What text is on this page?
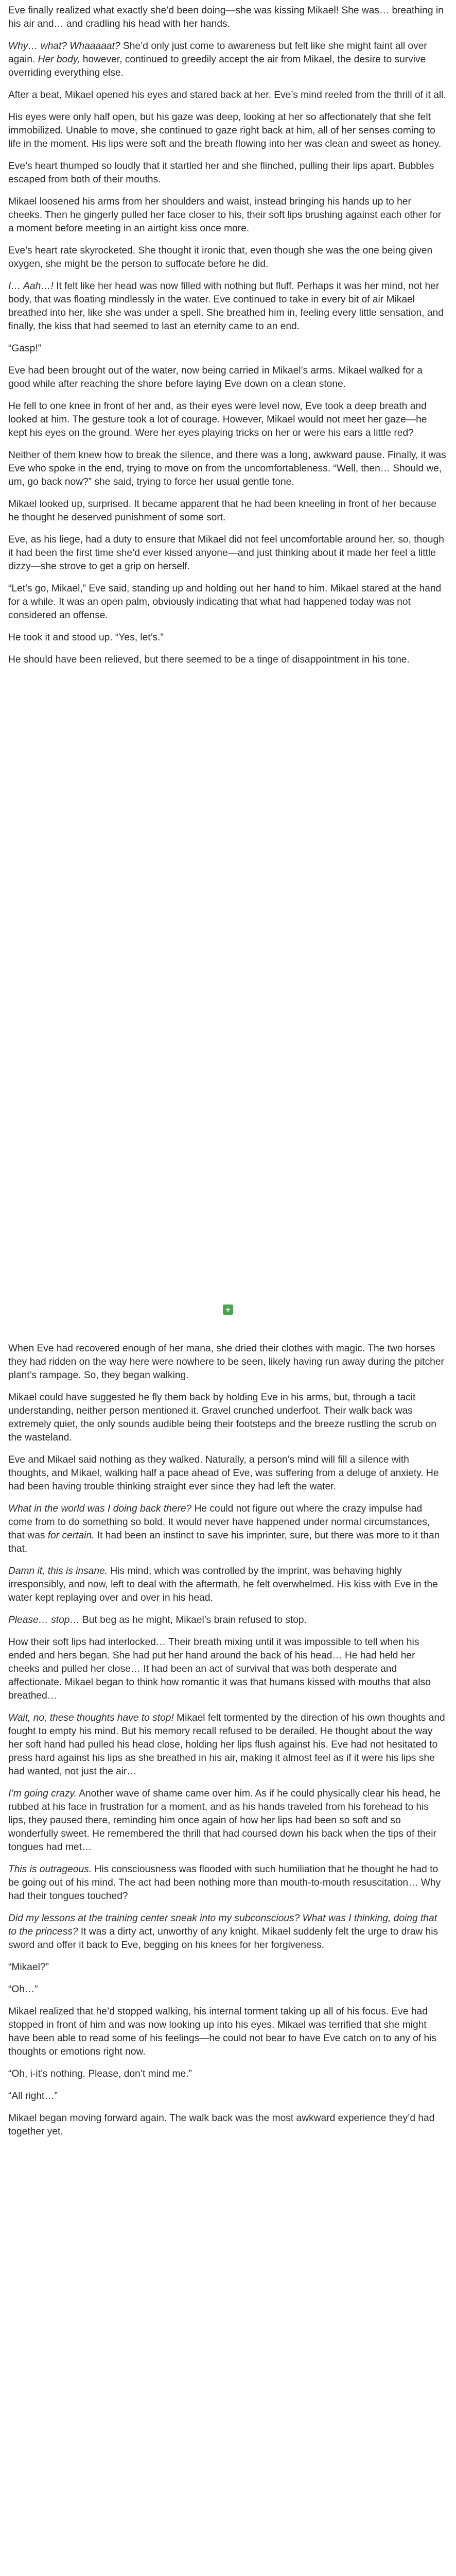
Eve finally realized what exactly she’d been doing—she was kissing Mikael! She was… breathing in his air and… and cradling his head with her hands.

Why… what? Whaaaaat? She’d only just come to awareness but felt like she might faint all over again. Her body, however, continued to greedily accept the air from Mikael, the desire to survive overriding everything else.

After a beat, Mikael opened his eyes and stared back at her. Eve’s mind reeled from the thrill of it all.

His eyes were only half open, but his gaze was deep, looking at her so affectionately that she felt immobilized. Unable to move, she continued to gaze right back at him, all of her senses coming to life in the moment. His lips were soft and the breath flowing into her was clean and sweet as honey.

Eve’s heart thumped so loudly that it startled her and she flinched, pulling their lips apart. Bubbles escaped from both of their mouths.

Mikael loosened his arms from her shoulders and waist, instead bringing his hands up to her cheeks. Then he gingerly pulled her face closer to his, their soft lips brushing against each other for a moment before meeting in an airtight kiss once more.

Eve’s heart rate skyrocketed. She thought it ironic that, even though she was the one being given oxygen, she might be the person to suffocate before he did.

I… Aah…! It felt like her head was now filled with nothing but fluff. Perhaps it was her mind, not her body, that was floating mindlessly in the water. Eve continued to take in every bit of air Mikael breathed into her, like she was under a spell. She breathed him in, feeling every little sensation, and finally, the kiss that had seemed to last an eternity came to an end.

“Gasp!”

Eve had been brought out of the water, now being carried in Mikael’s arms. Mikael walked for a good while after reaching the shore before laying Eve down on a clean stone.

He fell to one knee in front of her and, as their eyes were level now, Eve took a deep breath and looked at him. The gesture took a lot of courage. However, Mikael would not meet her gaze—he kept his eyes on the ground. Were her eyes playing tricks on her or were his ears a little red?

Neither of them knew how to break the silence, and there was a long, awkward pause. Finally, it was Eve who spoke in the end, trying to move on from the uncomfortableness. “Well, then… Should we, um, go back now?” she said, trying to force her usual gentle tone.

Mikael looked up, surprised. It became apparent that he had been kneeling in front of her because he thought he deserved punishment of some sort.

Eve, as his liege, had a duty to ensure that Mikael did not feel uncomfortable around her, so, though it had been the first time she’d ever kissed anyone—and just thinking about it made her feel a little dizzy—she strove to get a grip on herself.

“Let’s go, Mikael,” Eve said, standing up and holding out her hand to him. Mikael stared at the hand for a while. It was an open palm, obviously indicating that what had happened today was not considered an offense.

He took it and stood up. “Yes, let’s.”

He should have been relieved, but there seemed to be a tinge of disappointment in his tone.

When Eve had recovered enough of her mana, she dried their clothes with magic. The two horses they had ridden on the way here were nowhere to be seen, likely having run away during the pitcher plant’s rampage. So, they began walking.

Mikael could have suggested he fly them back by holding Eve in his arms, but, through a tacit understanding, neither person mentioned it. Gravel crunched underfoot. Their walk back was extremely quiet, the only sounds audible being their footsteps and the breeze rustling the scrub on the wasteland.

Eve and Mikael said nothing as they walked. Naturally, a person’s mind will fill a silence with thoughts, and Mikael, walking half a pace ahead of Eve, was suffering from a deluge of anxiety. He had been having trouble thinking straight ever since they had left the water.

What in the world was I doing back there? He could not figure out where the crazy impulse had come from to do something so bold. It would never have happened under normal circumstances, that was for certain. It had been an instinct to save his imprinter, sure, but there was more to it than that.

Damn it, this is insane. His mind, which was controlled by the imprint, was behaving highly irresponsibly, and now, left to deal with the aftermath, he felt overwhelmed. His kiss with Eve in the water kept replaying over and over in his head.

Please… stop… But beg as he might, Mikael’s brain refused to stop.

How their soft lips had interlocked… Their breath mixing until it was impossible to tell when his ended and hers began. She had put her hand around the back of his head… He had held her cheeks and pulled her close… It had been an act of survival that was both desperate and affectionate. Mikael began to think how romantic it was that humans kissed with mouths that also breathed…

Wait, no, these thoughts have to stop! Mikael felt tormented by the direction of his own thoughts and fought to empty his mind. But his memory recall refused to be derailed. He thought about the way her soft hand had pulled his head close, holding her lips flush against his. Eve had not hesitated to press hard against his lips as she breathed in his air, making it almost feel as if it were his lips she had wanted, not just the air…

I’m going crazy. Another wave of shame came over him. As if he could physically clear his head, he rubbed at his face in frustration for a moment, and as his hands traveled from his forehead to his lips, they paused there, reminding him once again of how her lips had been so soft and so wonderfully sweet. He remembered the thrill that had coursed down his back when the tips of their tongues had met…

This is outrageous. His consciousness was flooded with such humiliation that he thought he had to be going out of his mind. The act had been nothing more than mouth-to-mouth resuscitation… Why had their tongues touched?

Did my lessons at the training center sneak into my subconscious? What was I thinking, doing that to the princess? It was a dirty act, unworthy of any knight. Mikael suddenly felt the urge to draw his sword and offer it back to Eve, begging on his knees for her forgiveness.

“Mikael?”

“Oh…”

Mikael realized that he’d stopped walking, his internal torment taking up all of his focus. Eve had stopped in front of him and was now looking up into his eyes. Mikael was terrified that she might have been able to read some of his feelings—he could not bear to have Eve catch on to any of his thoughts or emotions right now.

“Oh, i-it’s nothing. Please, don’t mind me.”

“All right…”

Mikael began moving forward again. The walk back was the most awkward experience they’d had together yet.
